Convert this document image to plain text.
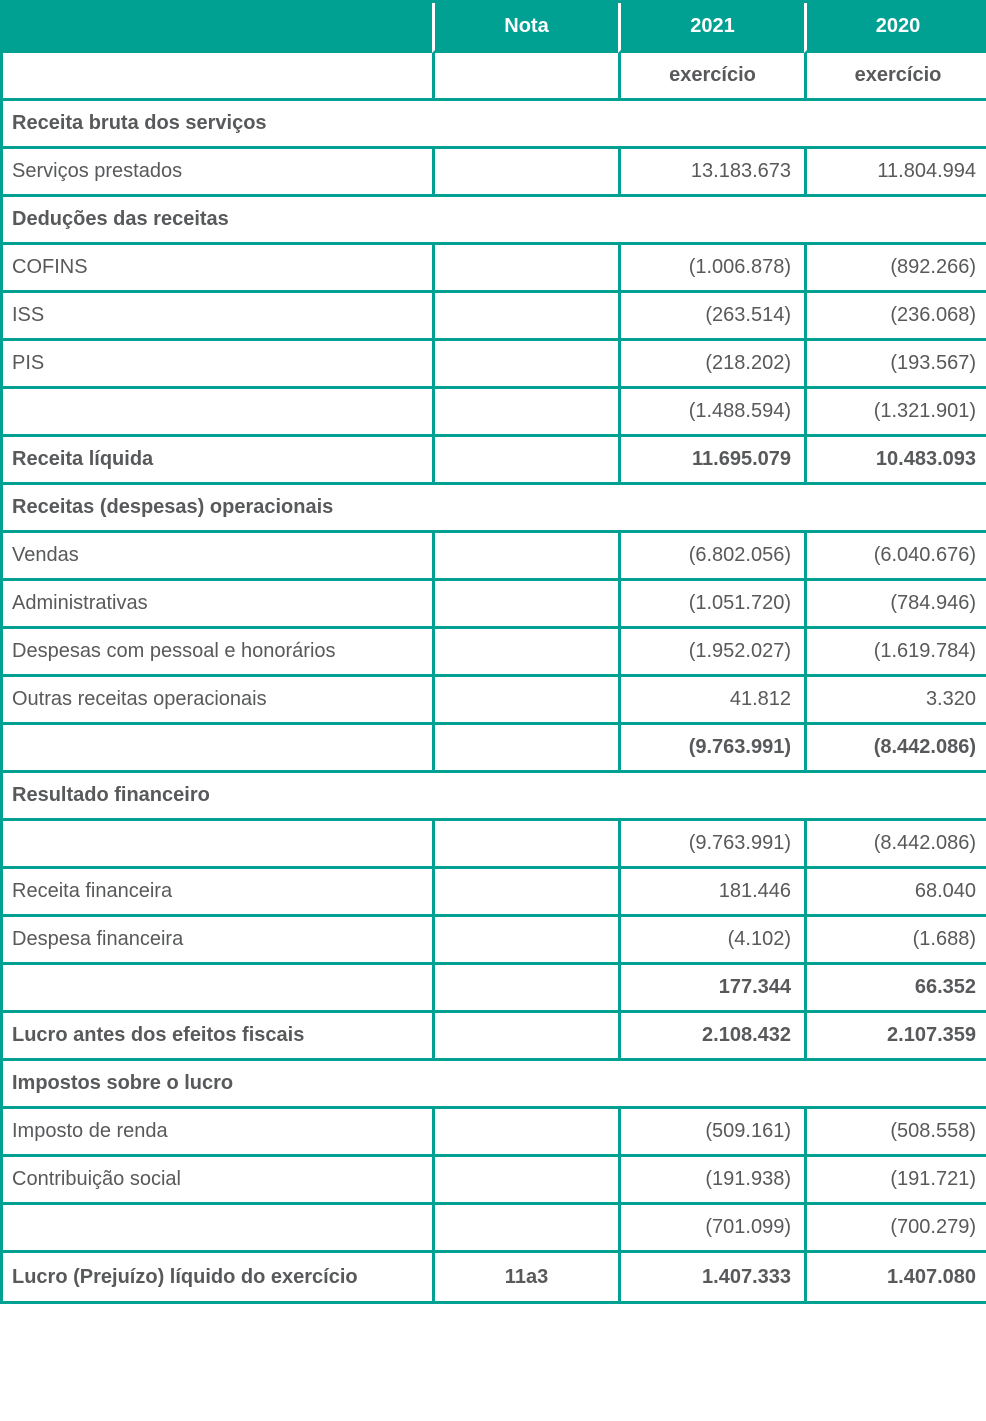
	Nota	2021	2020
		exercício	exercício
Receita bruta dos serviços			
Serviços prestados		13.183.673	11.804.994
Deduções das receitas			
COFINS		(1.006.878)	(892.266)
ISS		(263.514)	(236.068)
PIS		(218.202)	(193.567)
		(1.488.594)	(1.321.901)
Receita líquida		11.695.079	10.483.093
Receitas (despesas) operacionais			
Vendas		(6.802.056)	(6.040.676)
Administrativas		(1.051.720)	(784.946)
Despesas com pessoal e honorários		(1.952.027)	(1.619.784)
Outras receitas operacionais		41.812	3.320
		(9.763.991)	(8.442.086)
Resultado financeiro			
		(9.763.991)	(8.442.086)
Receita financeira		181.446	68.040
Despesa financeira		(4.102)	(1.688)
		177.344	66.352
Lucro antes dos efeitos fiscais		2.108.432	2.107.359
Impostos sobre o lucro			
Imposto de renda		(509.161)	(508.558)
Contribuição social		(191.938)	(191.721)
		(701.099)	(700.279)
Lucro (Prejuízo) líquido do exercício	11a3	1.407.333	1.407.080
